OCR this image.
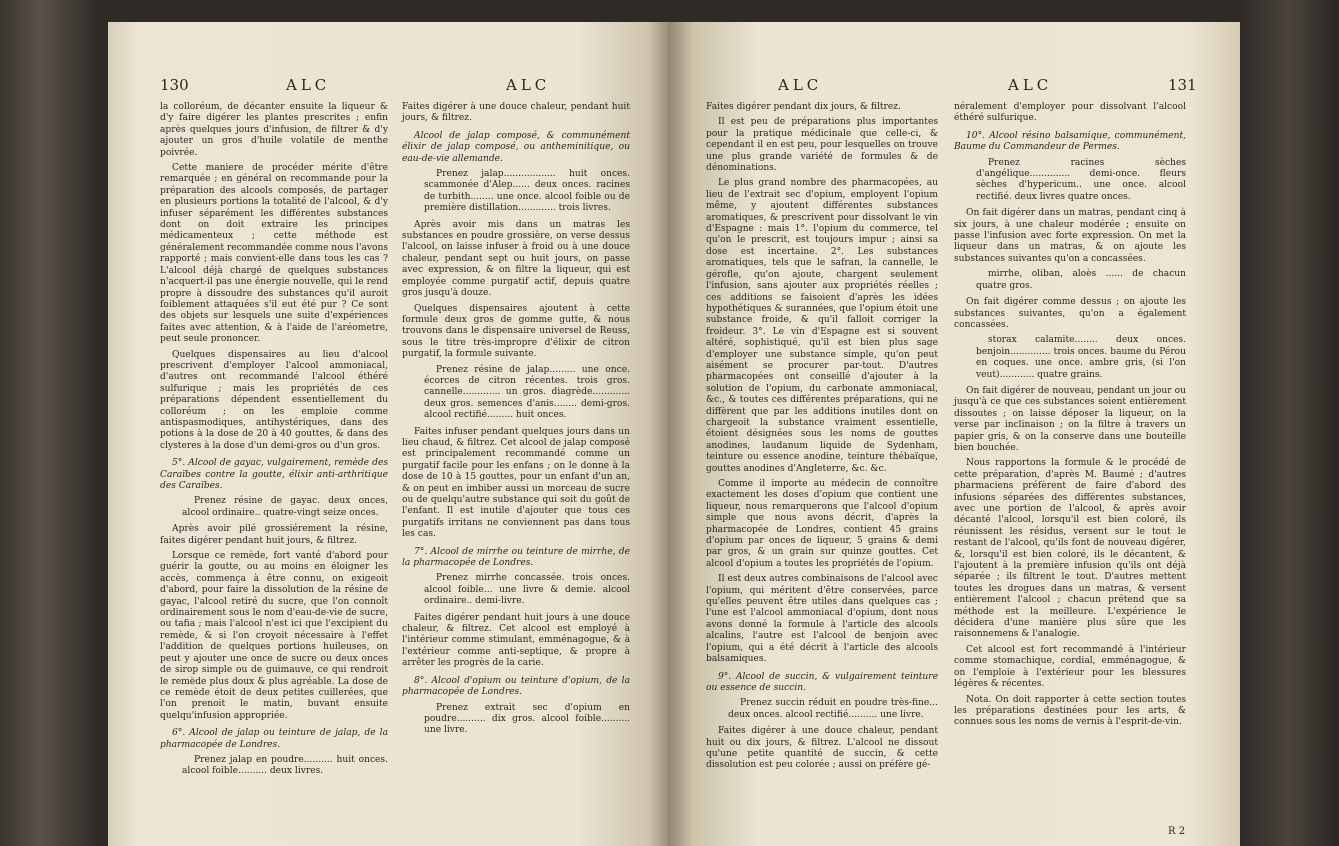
130	ALC	ALC

la colloréum, de décanter ensuite la liqueur & d'y faire digérer les plantes prescrites ; enfin après quelques jours d'infusion, de filtrer & d'y ajouter un gros d'huile volatile de menthe poivrée.

Cette maniere de procéder mérite d'être remarquée ; en général on recommande pour la préparation des alcools composés, de partager en plusieurs portions la totalité de l'alcool, & d'y infuser séparément les différentes substances dont on doit extraire les principes médicamenteux ; cette méthode est généralement recommandée comme nous l'avons rapporté ; mais convient-elle dans tous les cas ? L'alcool déjà chargé de quelques substances n'acquert-il pas une énergie nouvelle, qui le rend propre à dissoudre des substances qu'il auroit foiblement attaquées s'il eut été pur ? Ce sont des objets sur lesquels une suite d'expériences faites avec attention, & à l'aide de l'aréometre, peut seule prononcer.

Quelques dispensaires au lieu d'alcool prescrivent d'employer l'alcool ammoniacal, d'autres ont recommandé l'alcool éthéré sulfurique ; mais les propriétés de ces préparations dépendent essentiellement du colloréum ; on les emploie comme antispasmodiques, antihystériques, dans des potions à la dose de 20 à 40 gouttes, & dans des clysteres à la dose d'un demi-gros ou d'un gros.

5°. Alcool de gayac, vulgairement, remède des Caraïbes contre la goutte, élixir anti-arthritique des Caraïbes.

Prenez résine de gayac. deux onces, alcool ordinaire.. quatre-vingt seize onces.

Après avoir pilé grossiérement la résine, faites digérer pendant huit jours, & filtrez.

Lorsque ce remède, fort vanté d'abord pour guérir la goutte, ou au moins en éloigner les accès, commença à être connu, on exigeoit d'abord, pour faire la dissolution de la résine de gayac, l'alcool retiré du sucre, que l'on connoît ordinairement sous le nom d'eau-de-vie de sucre, ou tafia ; mais l'alcool n'est ici que l'excipient du remède, & si l'on croyoit nécessaire à l'effet l'addition de quelques portions huileuses, on peut y ajouter une once de sucre ou deux onces de sirop simple ou de guimauve, ce qui rendroit le remède plus doux & plus agréable. La dose de ce remède étoit de deux petites cuillerées, que l'on prenoit le matin, buvant ensuite quelqu'infusion appropriée.

6°. Alcool de jalap ou teinture de jalap, de la pharmacopée de Londres.

Prenez jalap en poudre.......... huit onces. alcool foible.......... deux livres.

Faites digérer à une douce chaleur, pendant huit jours, & filtrez.

Alcool de jalap composé, & communément élixir de jalap composé, ou antheminitique, ou eau-de-vie allemande.

Prenez jalap.................. huit onces. scammonée d'Alep...... deux onces. racines de turbith........ une once. alcool foible ou de première distillation............. trois livres.

Après avoir mis dans un matras les substances en poudre grossière, on verse dessus l'alcool, on laisse infuser à froid ou à une douce chaleur, pendant sept ou huit jours, on passe avec expression, & on filtre la liqueur, qui est employée comme purgatif actif, depuis quatre gros jusqu'à douze.

Quelques dispensaires ajoutent à cette formule deux gros de gomme gutte, & nous trouvons dans le dispensaire universel de Reuss, sous le titre très-impropre d'élixir de citron purgatif, la formule suivante.

Prenez résine de jalap......... une once. écorces de citron récentes. trois gros. cannelle............. un gros. diagrède............. deux gros. semences d'anis........ demi-gros. alcool rectifié......... huit onces.

Faites infuser pendant quelques jours dans un lieu chaud, & filtrez. Cet alcool de jalap composé est principalement recommandé comme un purgatif facile pour les enfans ; on le donne à la dose de 10 à 15 gouttes, pour un enfant d'un an, & on peut en imbiber aussi un morceau de sucre ou de quelqu'autre substance qui soit du goût de l'enfant. Il est inutile d'ajouter que tous ces purgatifs irritans ne conviennent pas dans tous les cas.

7°. Alcool de mirrhe ou teinture de mirrhe, de la pharmacopée de Londres.

Prenez mirrhe concassée. trois onces. alcool foible... une livre & demie. alcool ordinaire.. demi-livre.

Faites digérer pendant huit jours à une douce chaleur, & filtrez. Cet alcool est employé à l'intérieur comme stimulant, emménagogue, & à l'extérieur comme anti-septique, & propre à arrêter les progrès de la carie.

8°. Alcool d'opium ou teinture d'opium, de la pharmacopée de Londres.

Prenez extrait sec d'opium en poudre.......... dix gros. alcool foible.......... une livre.

ALC	ALC	131

Faites digérer pendant dix jours, & filtrez.

Il est peu de préparations plus importantes pour la pratique médicinale que celle-ci, & cependant il en est peu, pour lesquelles on trouve une plus grande variété de formules & de dénominations.

Le plus grand nombre des pharmacopées, au lieu de l'extrait sec d'opium, employent l'opium même, y ajoutent différentes substances aromatiques, & prescrivent pour dissolvant le vin d'Espagne : mais 1°. l'opium du commerce, tel qu'on le prescrit, est toujours impur ; ainsi sa dose est incertaine. 2°. Les substances aromatiques, tels que le safran, la cannelle, le gérofle, qu'on ajoute, chargent seulement l'infusion, sans ajouter aux propriétés réelles ; ces additions se faisoient d'après les idées hypothétiques & surannées, que l'opium étoit une substance froide, & qu'il falloit corriger la froideur. 3°. Le vin d'Espagne est si souvent altéré, sophistiqué, qu'il est bien plus sage d'employer une substance simple, qu'on peut aisément se procurer par-tout. D'autres pharmacopées ont conseillé d'ajouter à la solution de l'opium, du carbonate ammoniacal, &c., & toutes ces différentes préparations, qui ne diffèrent que par les additions inutiles dont on chargeoit la substance vraiment essentielle, étoient désignées sous les noms de gouttes anodines, laudanum liquide de Sydenham, teinture ou essence anodine, teinture thébaïque, gouttes anodines d'Angleterre, &c. &c.

Comme il importe au médecin de connoître exactement les doses d'opium que contient une liqueur, nous remarquerons que l'alcool d'opium simple que nous avons décrit, d'après la pharmacopée de Londres, contient 45 grains d'opium par onces de liqueur, 5 grains & demi par gros, & un grain sur quinze gouttes. Cet alcool d'opium a toutes les propriétés de l'opium.

Il est deux autres combinaisons de l'alcool avec l'opium, qui méritent d'être conservées, parce qu'elles peuvent être utiles dans quelques cas ; l'une est l'alcool ammoniacal d'opium, dont nous avons donné la formule à l'article des alcools alcalins, l'autre est l'alcool de benjoin avec l'opium, qui a été décrit à l'article des alcools balsamiques.

9°. Alcool de succin, & vulgairement teinture ou essence de succin.

Prenez succin réduit en poudre très-fine... deux onces. alcool rectifié.......... une livre.

Faites digérer à une douce chaleur, pendant huit ou dix jours, & filtrez. L'alcool ne dissout qu'une petite quantité de succin, & cette dissolution est peu colorée ; aussi on préfère gé-

néralement d'employer pour dissolvant l'alcool éthéré sulfurique.

10°. Alcool résino balsamique, communément, Baume du Commandeur de Permes.

Prenez racines sèches d'angélique.............. demi-once. fleurs sèches d'hypericum.. une once. alcool rectifié. deux livres quatre onces.

On fait digérer dans un matras, pendant cinq à six jours, à une chaleur modérée ; ensuite on passe l'infusion avec forte expression. On met la liqueur dans un matras, & on ajoute les substances suivantes qu'on a concassées.

mirrhe, oliban, aloès ...... de chacun quatre gros.

On fait digérer comme dessus ; on ajoute les substances suivantes, qu'on a également concassées.

storax calamite........ deux onces. benjoin.............. trois onces. baume du Pérou en coques. une once. ambre gris, (si l'on veut)............ quatre grains.

On fait digérer de nouveau, pendant un jour ou jusqu'à ce que ces substances soient entièrement dissoutes ; on laisse déposer la liqueur, on la verse par inclinaison ; on la filtre à travers un papier gris, & on la conserve dans une bouteille bien bouchée.

Nous rapportons la formule & le procédé de cette préparation, d'après M. Baumé ; d'autres pharmaciens préfèrent de faire d'abord des infusions séparées des différentes substances, avec une portion de l'alcool, & après avoir décanté l'alcool, lorsqu'il est bien coloré, ils réunissent les résidus, versent sur le tout le restant de l'alcool, qu'ils font de nouveau digérer, &, lorsqu'il est bien coloré, ils le décantent, & l'ajoutent à la première infusion qu'ils ont déjà séparée ; ils filtrent le tout. D'autres mettent toutes les drogues dans un matras, & versent entièrement l'alcool ; chacun prétend que sa méthode est la meilleure. L'expérience le décidera d'une manière plus sûre que les raisonnemens & l'analogie.

Cet alcool est fort recommandé à l'intérieur comme stomachique, cordial, emménagogue, & on l'emploie à l'extérieur pour les blessures légères & récentes.

Nota. On doit rapporter à cette section toutes les préparations destinées pour les arts, & connues sous les noms de vernis à l'esprit-de-vin.

R 2
